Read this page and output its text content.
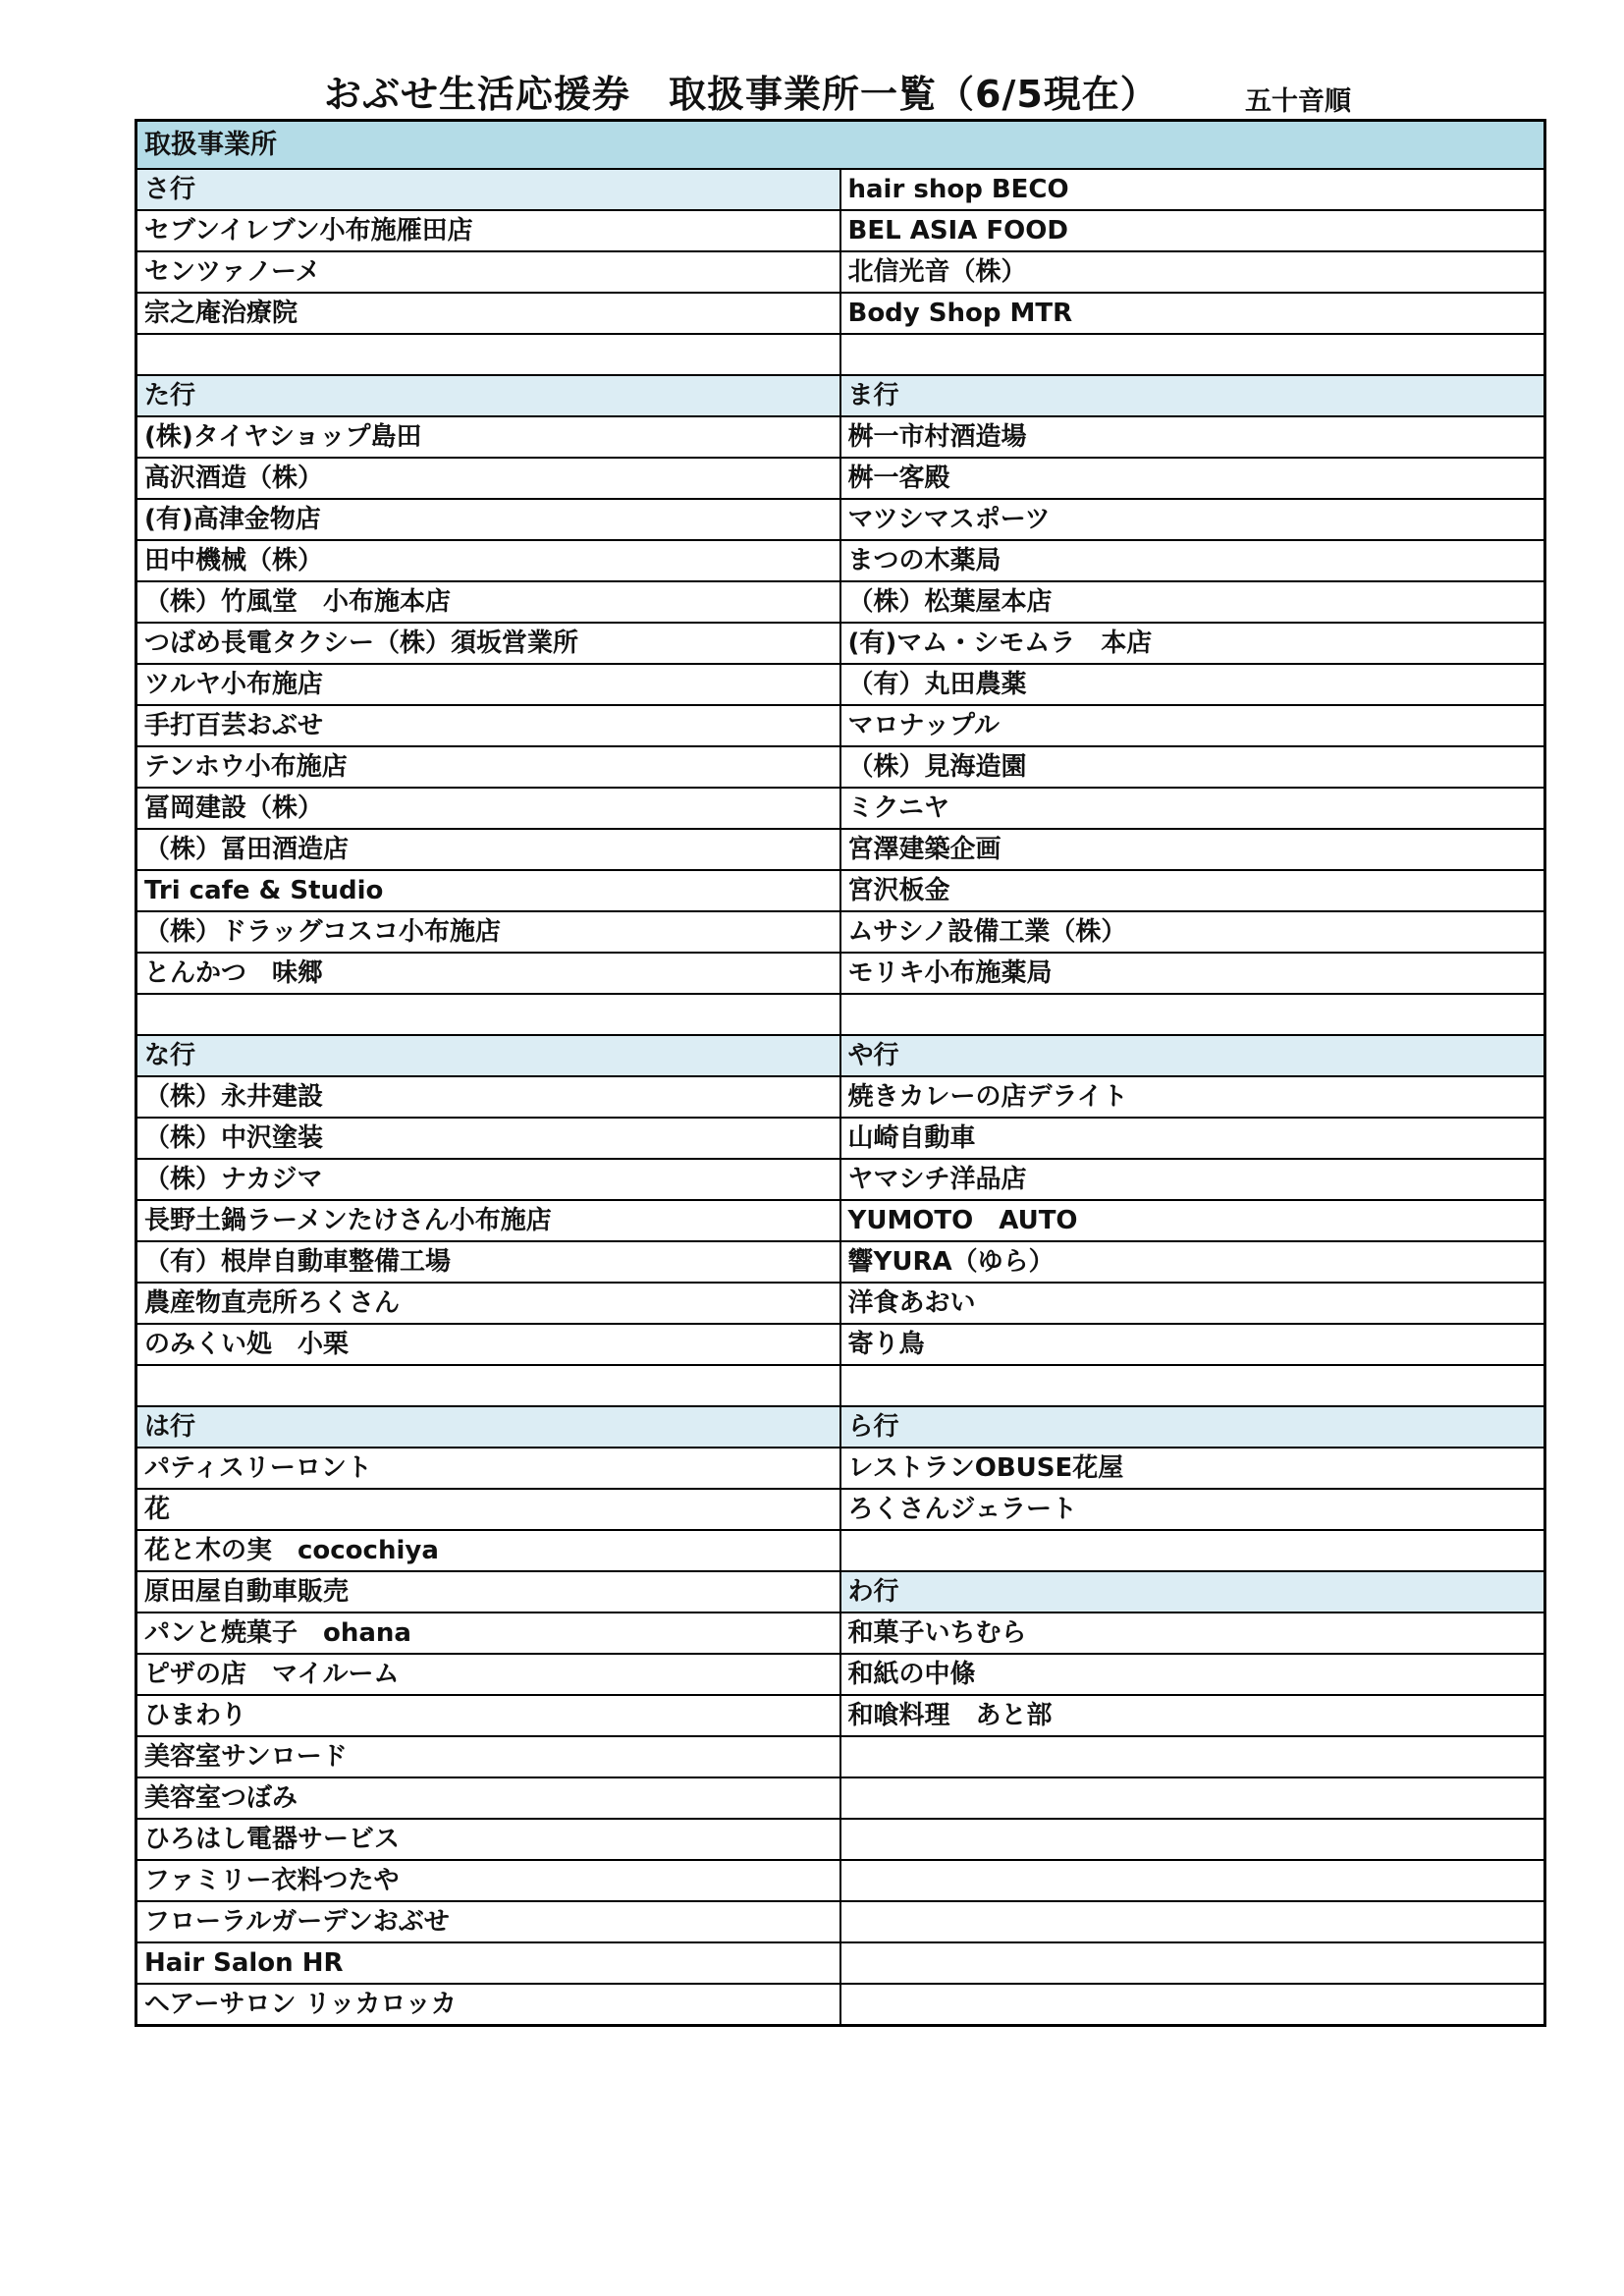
おぶせ生活応援券　取扱事業所一覧（6/5現在）	五十音順
取扱事業所	
さ行	hair shop BECO
セブンイレブン小布施雁田店	BEL ASIA FOOD
センツァノーメ	北信光音（株）
宗之庵治療院	Body Shop MTR

た行	ま行
(株)タイヤショップ島田	桝一市村酒造場
高沢酒造（株）	桝一客殿
(有)高津金物店	マツシマスポーツ
田中機械（株）	まつの木薬局
（株）竹風堂　小布施本店	（株）松葉屋本店
つばめ長電タクシー（株）須坂営業所	(有)マム・シモムラ　本店
ツルヤ小布施店	（有）丸田農薬
手打百芸おぶせ	マロナップル
テンホウ小布施店	（株）見海造園
冨岡建設（株）	ミクニヤ
（株）冨田酒造店	宮澤建築企画
Tri cafe & Studio	宮沢板金
（株）ドラッグコスコ小布施店	ムサシノ設備工業（株）
とんかつ　味郷	モリキ小布施薬局

な行	や行
（株）永井建設	焼きカレーの店デライト
（株）中沢塗装	山崎自動車
（株）ナカジマ	ヤマシチ洋品店
長野土鍋ラーメンたけさん小布施店	YUMOTO　AUTO
（有）根岸自動車整備工場	響YURA（ゆら）
農産物直売所ろくさん	洋食あおい
のみくい処　小栗	寄り鳥

は行	ら行
パティスリーロント	レストランOBUSE花屋
花	ろくさんジェラート
花と木の実　cocochiya	
原田屋自動車販売	わ行
パンと焼菓子　ohana	和菓子いちむら
ピザの店　マイルーム	和紙の中條
ひまわり	和喰料理　あと部
美容室サンロード	
美容室つぼみ	
ひろはし電器サービス	
ファミリー衣料つたや	
フローラルガーデンおぶせ	
Hair Salon HR	
ヘアーサロン リッカロッカ	
